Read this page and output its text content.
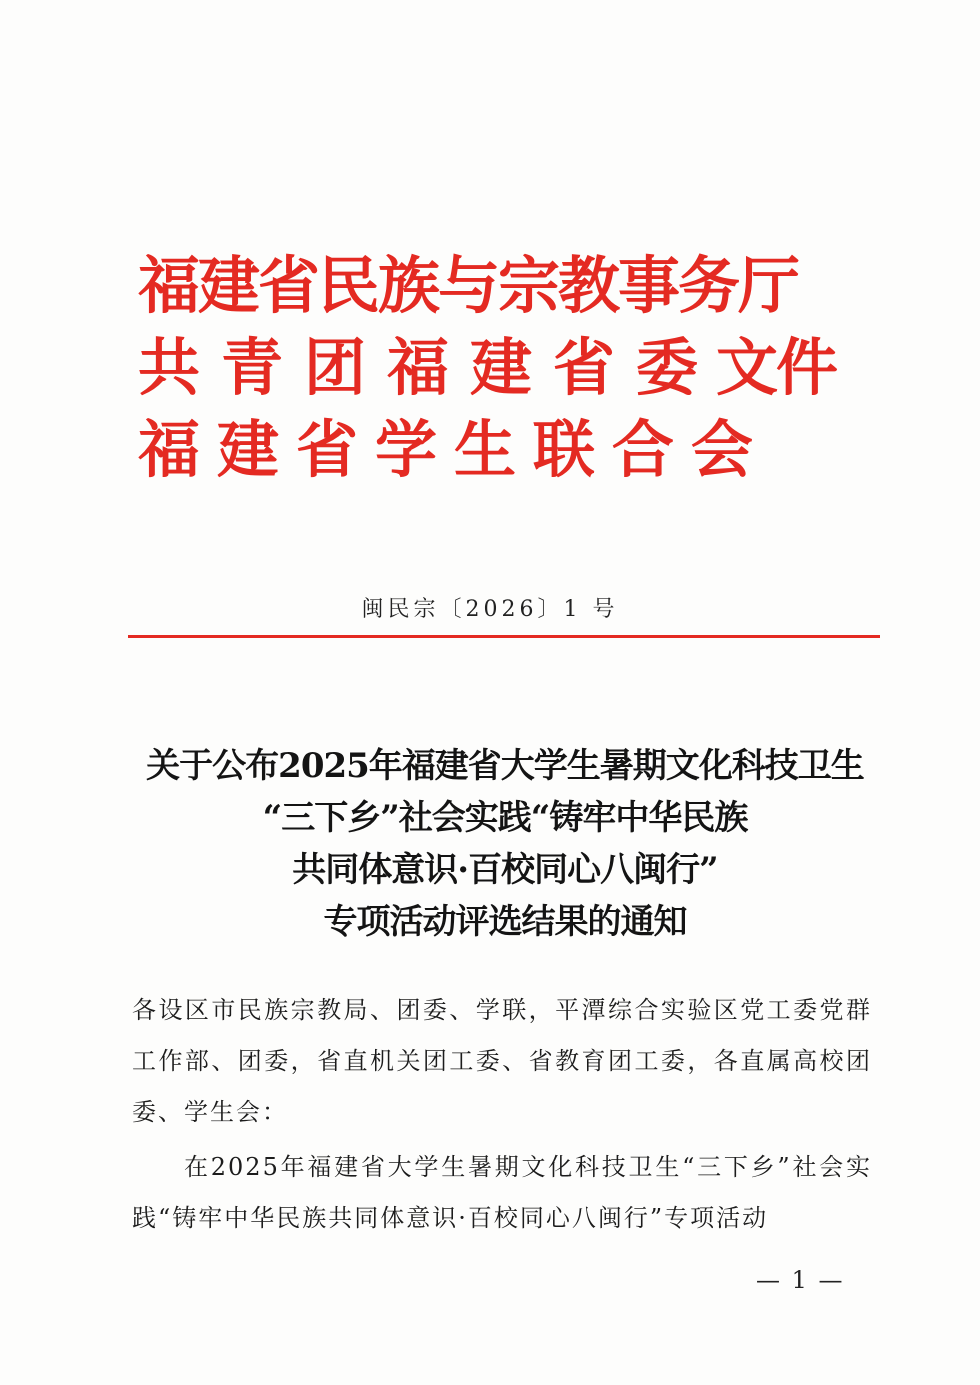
福建省民族与宗教事务厅
共 青 团 福 建 省 委 文件
福 建 省 学 生 联 合 会
闽民宗〔2026〕1 号
关于公布2025年福建省大学生暑期文化科技卫生
“三下乡”社会实践“铸牢中华民族
共同体意识·百校同心八闽行”
专项活动评选结果的通知

各设区市民族宗教局、团委、学联，平潭综合实验区党工委党群工作部、团委，省直机关团工委、省教育团工委，各直属高校团委、学生会：

在2025年福建省大学生暑期文化科技卫生“三下乡”社会实践“铸牢中华民族共同体意识·百校同心八闽行”专项活动

— 1 —
